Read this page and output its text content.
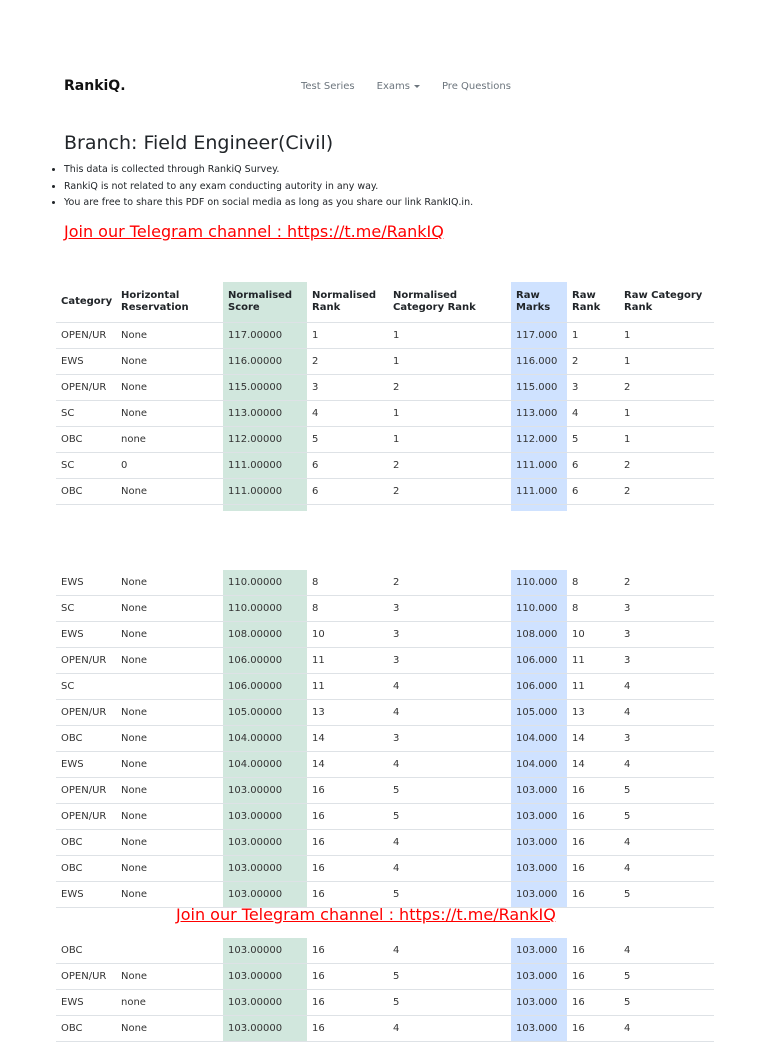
RankiQ.	Test Series Exams	Pre Questions
Branch: Field Engineer(Civil)
• This data is collected through RankiQ Survey.
• RankiQ is not related to any exam conducting autority in any way.
• You are free to share this PDF on social media as long as you share our link RankIQ.in.
Join our Telegram channel : https://t.me/RankIQ
Category	Horizontal Reservation	Normalised Score	Normalised Rank	Normalised Category Rank	Raw Marks	Raw Rank	Raw Category Rank
OPEN/UR	None	117.00000	1	1	117.000	1	1
EWS	None	116.00000	2	1	116.000	2	1
OPEN/UR	None	115.00000	3	2	115.000	3	2
SC	None	113.00000	4	1	113.000	4	1
OBC	none	112.00000	5	1	112.000	5	1
SC	0	111.00000	6	2	111.000	6	2
OBC	None	111.00000	6	2	111.000	6	2

EWS	None	110.00000	8	2	110.000	8	2
SC	None	110.00000	8	3	110.000	8	3
EWS	None	108.00000	10	3	108.000	10	3
OPEN/UR	None	106.00000	11	3	106.000	11	3
SC		106.00000	11	4	106.000	11	4
OPEN/UR	None	105.00000	13	4	105.000	13	4
OBC	None	104.00000	14	3	104.000	14	3
EWS	None	104.00000	14	4	104.000	14	4
OPEN/UR	None	103.00000	16	5	103.000	16	5
OPEN/UR	None	103.00000	16	5	103.000	16	5
OBC	None	103.00000	16	4	103.000	16	4
OBC	None	103.00000	16	4	103.000	16	4
EWS	None	103.00000	16	5	103.000	16	5
Join our Telegram channel : https://t.me/RankIQ
OBC		103.00000	16	4	103.000	16	4
OPEN/UR	None	103.00000	16	5	103.000	16	5
EWS	none	103.00000	16	5	103.000	16	5
OBC	None	103.00000	16	4	103.000	16	4
